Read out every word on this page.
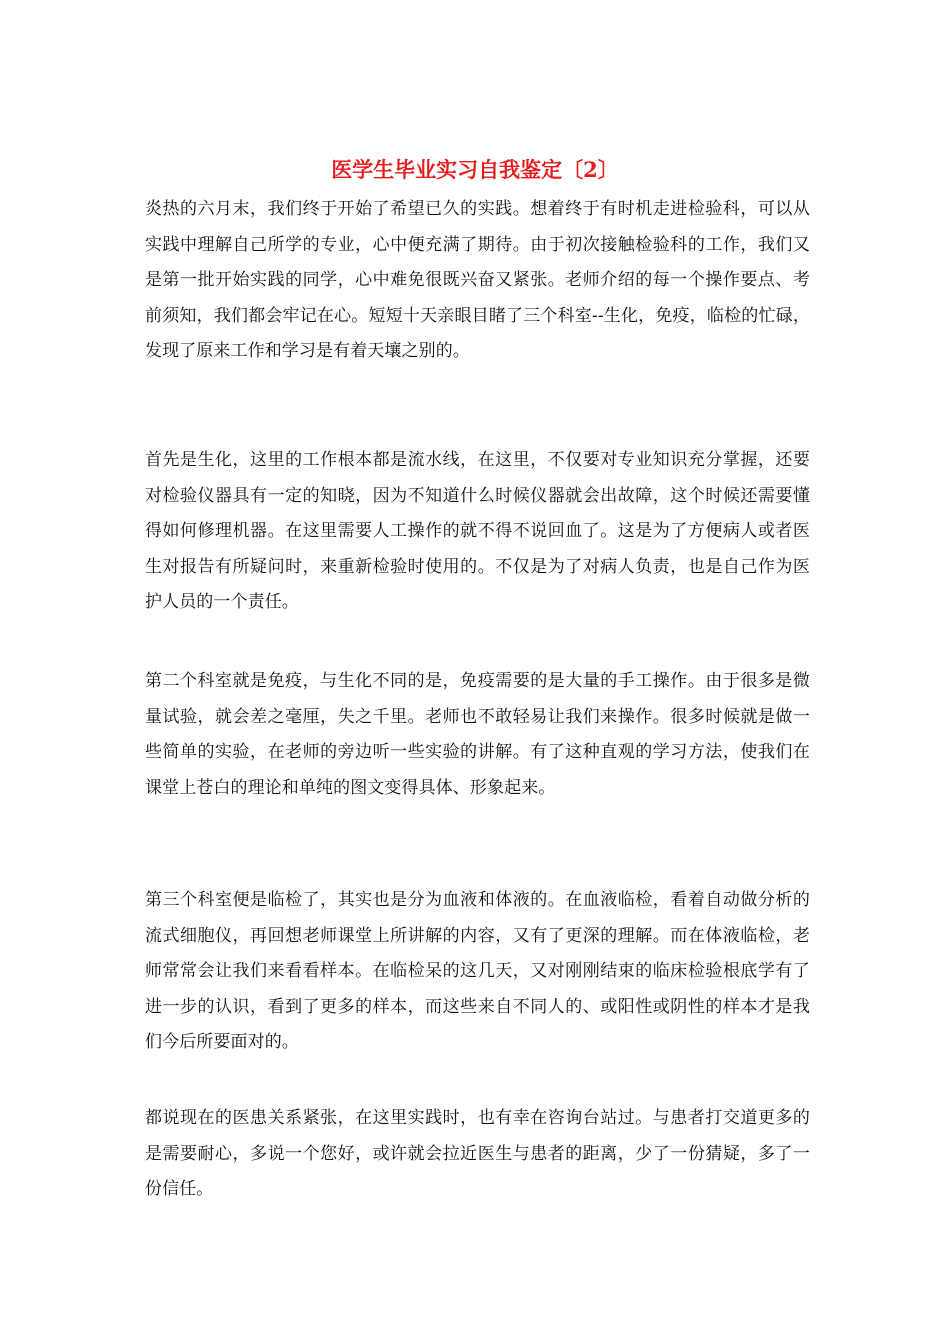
医学生毕业实习自我鉴定〔2〕

炎热的六月末，我们终于开始了希望已久的实践。想着终于有时机走进检验科，可以从实践中理解自己所学的专业，心中便充满了期待。由于初次接触检验科的工作，我们又是第一批开始实践的同学，心中难免很既兴奋又紧张。老师介绍的每一个操作要点、考前须知，我们都会牢记在心。短短十天亲眼目睹了三个科室--生化，免疫，临检的忙碌，发现了原来工作和学习是有着天壤之别的。

首先是生化，这里的工作根本都是流水线，在这里，不仅要对专业知识充分掌握，还要对检验仪器具有一定的知晓，因为不知道什么时候仪器就会出故障，这个时候还需要懂得如何修理机器。在这里需要人工操作的就不得不说回血了。这是为了方便病人或者医生对报告有所疑问时，来重新检验时使用的。不仅是为了对病人负责，也是自己作为医护人员的一个责任。

第二个科室就是免疫，与生化不同的是，免疫需要的是大量的手工操作。由于很多是微量试验，就会差之毫厘，失之千里。老师也不敢轻易让我们来操作。很多时候就是做一些简单的实验，在老师的旁边听一些实验的讲解。有了这种直观的学习方法，使我们在课堂上苍白的理论和单纯的图文变得具体、形象起来。

第三个科室便是临检了，其实也是分为血液和体液的。在血液临检，看着自动做分析的流式细胞仪，再回想老师课堂上所讲解的内容，又有了更深的理解。而在体液临检，老师常常会让我们来看看样本。在临检呆的这几天，又对刚刚结束的临床检验根底学有了进一步的认识，看到了更多的样本，而这些来自不同人的、或阳性或阴性的样本才是我们今后所要面对的。

都说现在的医患关系紧张，在这里实践时，也有幸在咨询台站过。与患者打交道更多的是需要耐心，多说一个您好，或许就会拉近医生与患者的距离，少了一份猜疑，多了一份信任。
